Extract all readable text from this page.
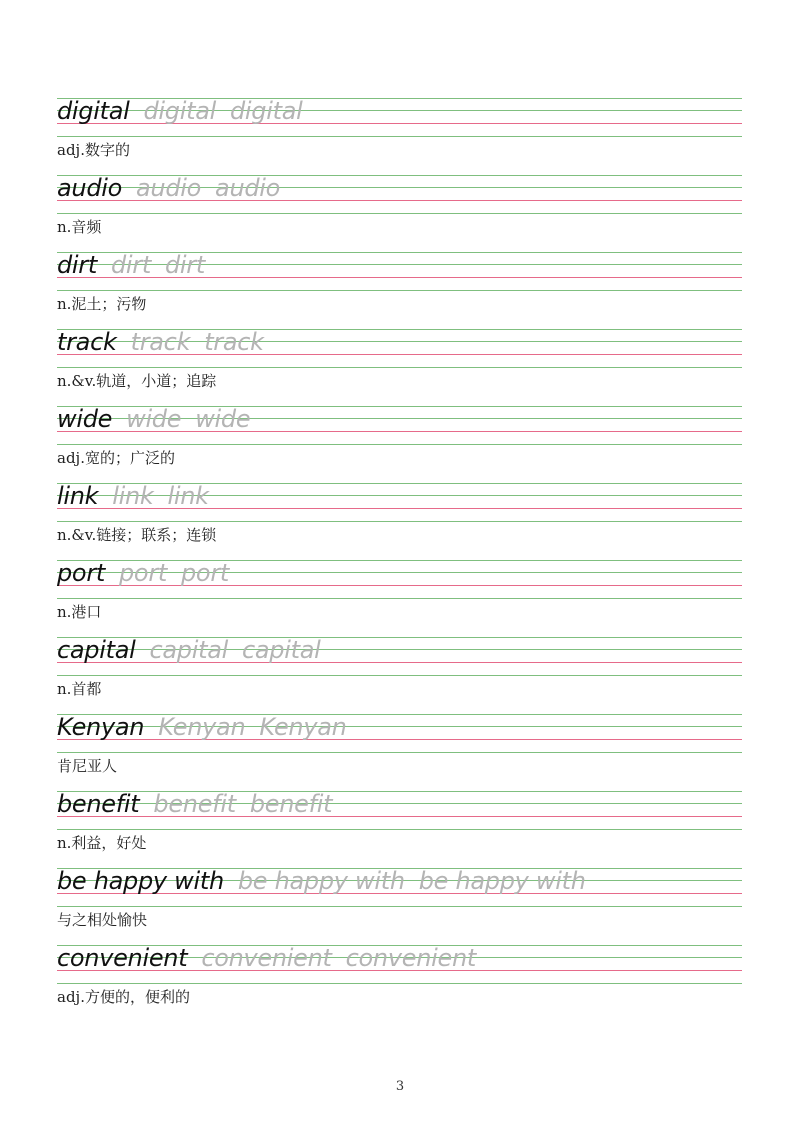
digital digital digital
adj.数字的
audio audio audio
n.音频
dirt dirt dirt
n.泥土；污物
track track track
n.&v.轨道，小道；追踪
wide wide wide
adj.宽的；广泛的
link link link
n.&v.链接；联系；连锁
port port port
n.港口
capital capital capital
n.首都
Kenyan Kenyan Kenyan
肯尼亚人
benefit benefit benefit
n.利益，好处
be happy with be happy with be happy with
与之相处愉快
convenient convenient convenient
adj.方便的，便利的
3
